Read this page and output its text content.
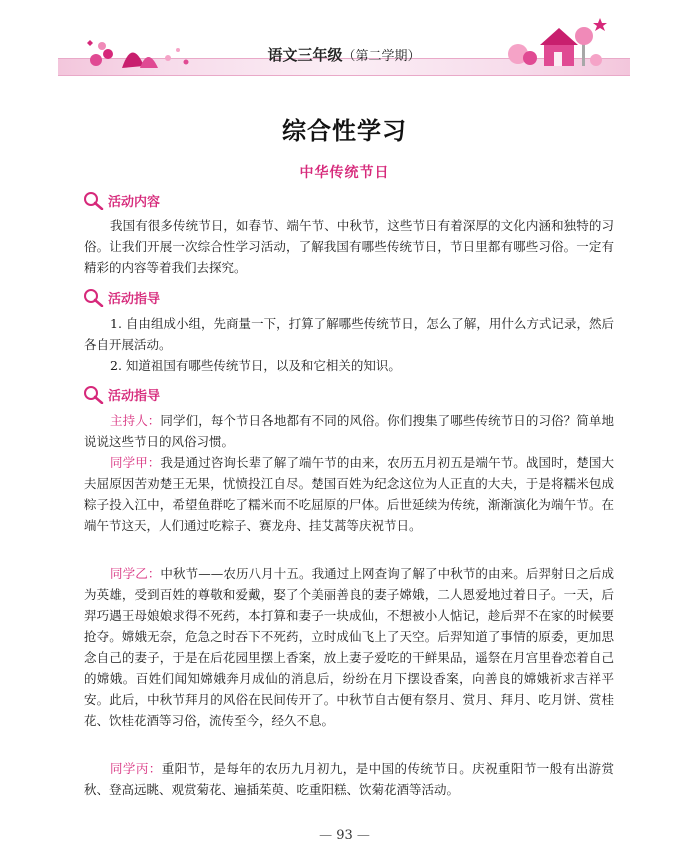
语文三年级（第二学期）
综合性学习
中华传统节日
活动内容

我国有很多传统节日，如春节、端午节、中秋节，这些节日有着深厚的文化内涵和独特的习俗。让我们开展一次综合性学习活动，了解我国有哪些传统节日，节日里都有哪些习俗。一定有精彩的内容等着我们去探究。

活动指导

1. 自由组成小组，先商量一下，打算了解哪些传统节日，怎么了解，用什么方式记录，然后各自开展活动。

2. 知道祖国有哪些传统节日，以及和它相关的知识。

活动指导

主持人：同学们，每个节日各地都有不同的风俗。你们搜集了哪些传统节日的习俗？简单地说说这些节日的风俗习惯。

同学甲：我是通过咨询长辈了解了端午节的由来，农历五月初五是端午节。战国时，楚国大夫屈原因苦劝楚王无果，忧愤投江自尽。楚国百姓为纪念这位为人正直的大夫，于是将糯米包成粽子投入江中，希望鱼群吃了糯米而不吃屈原的尸体。后世延续为传统，渐渐演化为端午节。在端午节这天，人们通过吃粽子、赛龙舟、挂艾蒿等庆祝节日。

同学乙：中秋节——农历八月十五。我通过上网查询了解了中秋节的由来。后羿射日之后成为英雄，受到百姓的尊敬和爱戴，娶了个美丽善良的妻子嫦娥，二人恩爱地过着日子。一天，后羿巧遇王母娘娘求得不死药，本打算和妻子一块成仙，不想被小人惦记，趁后羿不在家的时候要抢夺。嫦娥无奈，危急之时吞下不死药，立时成仙飞上了天空。后羿知道了事情的原委，更加思念自己的妻子，于是在后花园里摆上香案，放上妻子爱吃的干鲜果品，遥祭在月宫里眷恋着自己的嫦娥。百姓们闻知嫦娥奔月成仙的消息后，纷纷在月下摆设香案，向善良的嫦娥祈求吉祥平安。此后，中秋节拜月的风俗在民间传开了。中秋节自古便有祭月、赏月、拜月、吃月饼、赏桂花、饮桂花酒等习俗，流传至今，经久不息。

同学丙：重阳节，是每年的农历九月初九，是中国的传统节日。庆祝重阳节一般有出游赏秋、登高远眺、观赏菊花、遍插茱萸、吃重阳糕、饮菊花酒等活动。

— 93 —
